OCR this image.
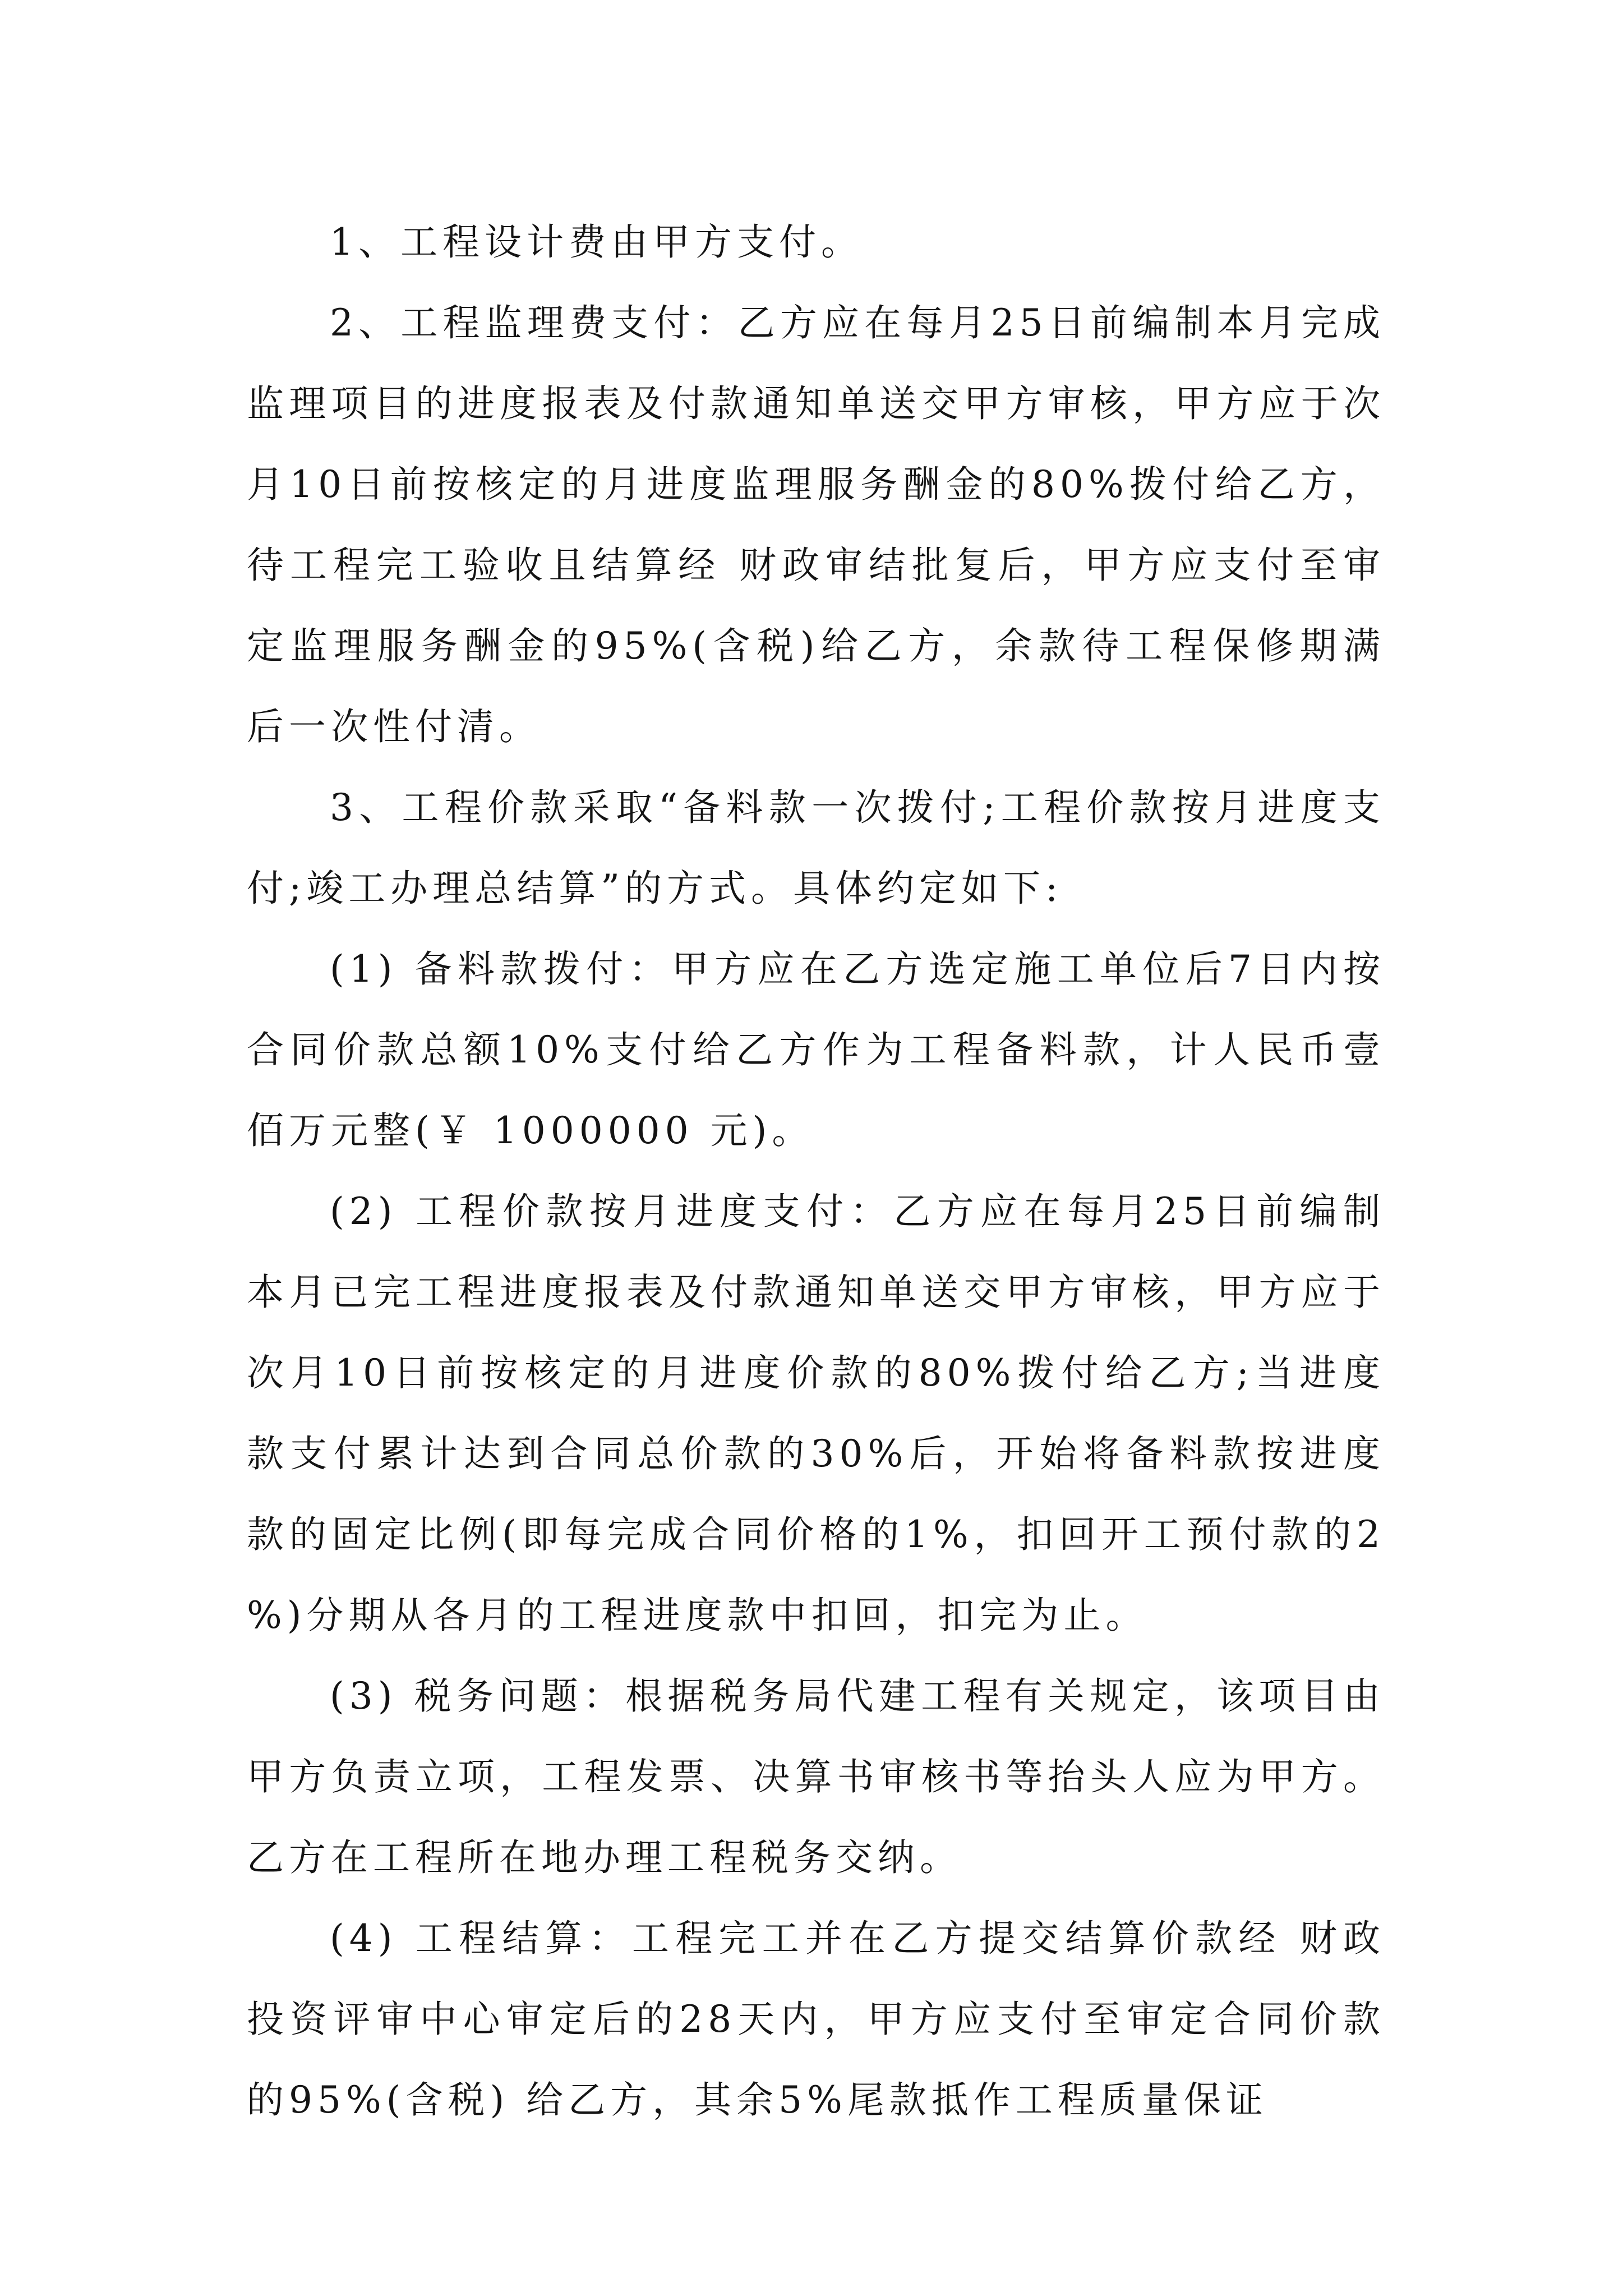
1、工程设计费由甲方支付。

2、工程监理费支付：乙方应在每月25日前编制本月完成监理项目的进度报表及付款通知单送交甲方审核，甲方应于次月10日前按核定的月进度监理服务酬金的80%拨付给乙方，待工程完工验收且结算经 财政审结批复后，甲方应支付至审定监理服务酬金的95%(含税)给乙方，余款待工程保修期满后一次性付清。

3、工程价款采取“备料款一次拨付;工程价款按月进度支付;竣工办理总结算”的方式。具体约定如下:

(1) 备料款拨付：甲方应在乙方选定施工单位后7日内按合同价款总额10%支付给乙方作为工程备料款，计人民币壹佰万元整(￥ 1000000 元)。

(2) 工程价款按月进度支付：乙方应在每月25日前编制本月已完工程进度报表及付款通知单送交甲方审核，甲方应于次月10日前按核定的月进度价款的80%拨付给乙方;当进度款支付累计达到合同总价款的30%后，开始将备料款按进度款的固定比例(即每完成合同价格的1%，扣回开工预付款的2%)分期从各月的工程进度款中扣回，扣完为止。

(3) 税务问题：根据税务局代建工程有关规定，该项目由甲方负责立项，工程发票、决算书审核书等抬头人应为甲方。乙方在工程所在地办理工程税务交纳。

(4) 工程结算：工程完工并在乙方提交结算价款经 财政投资评审中心审定后的28天内，甲方应支付至审定合同价款的95%(含税) 给乙方，其余5%尾款抵作工程质量保证
